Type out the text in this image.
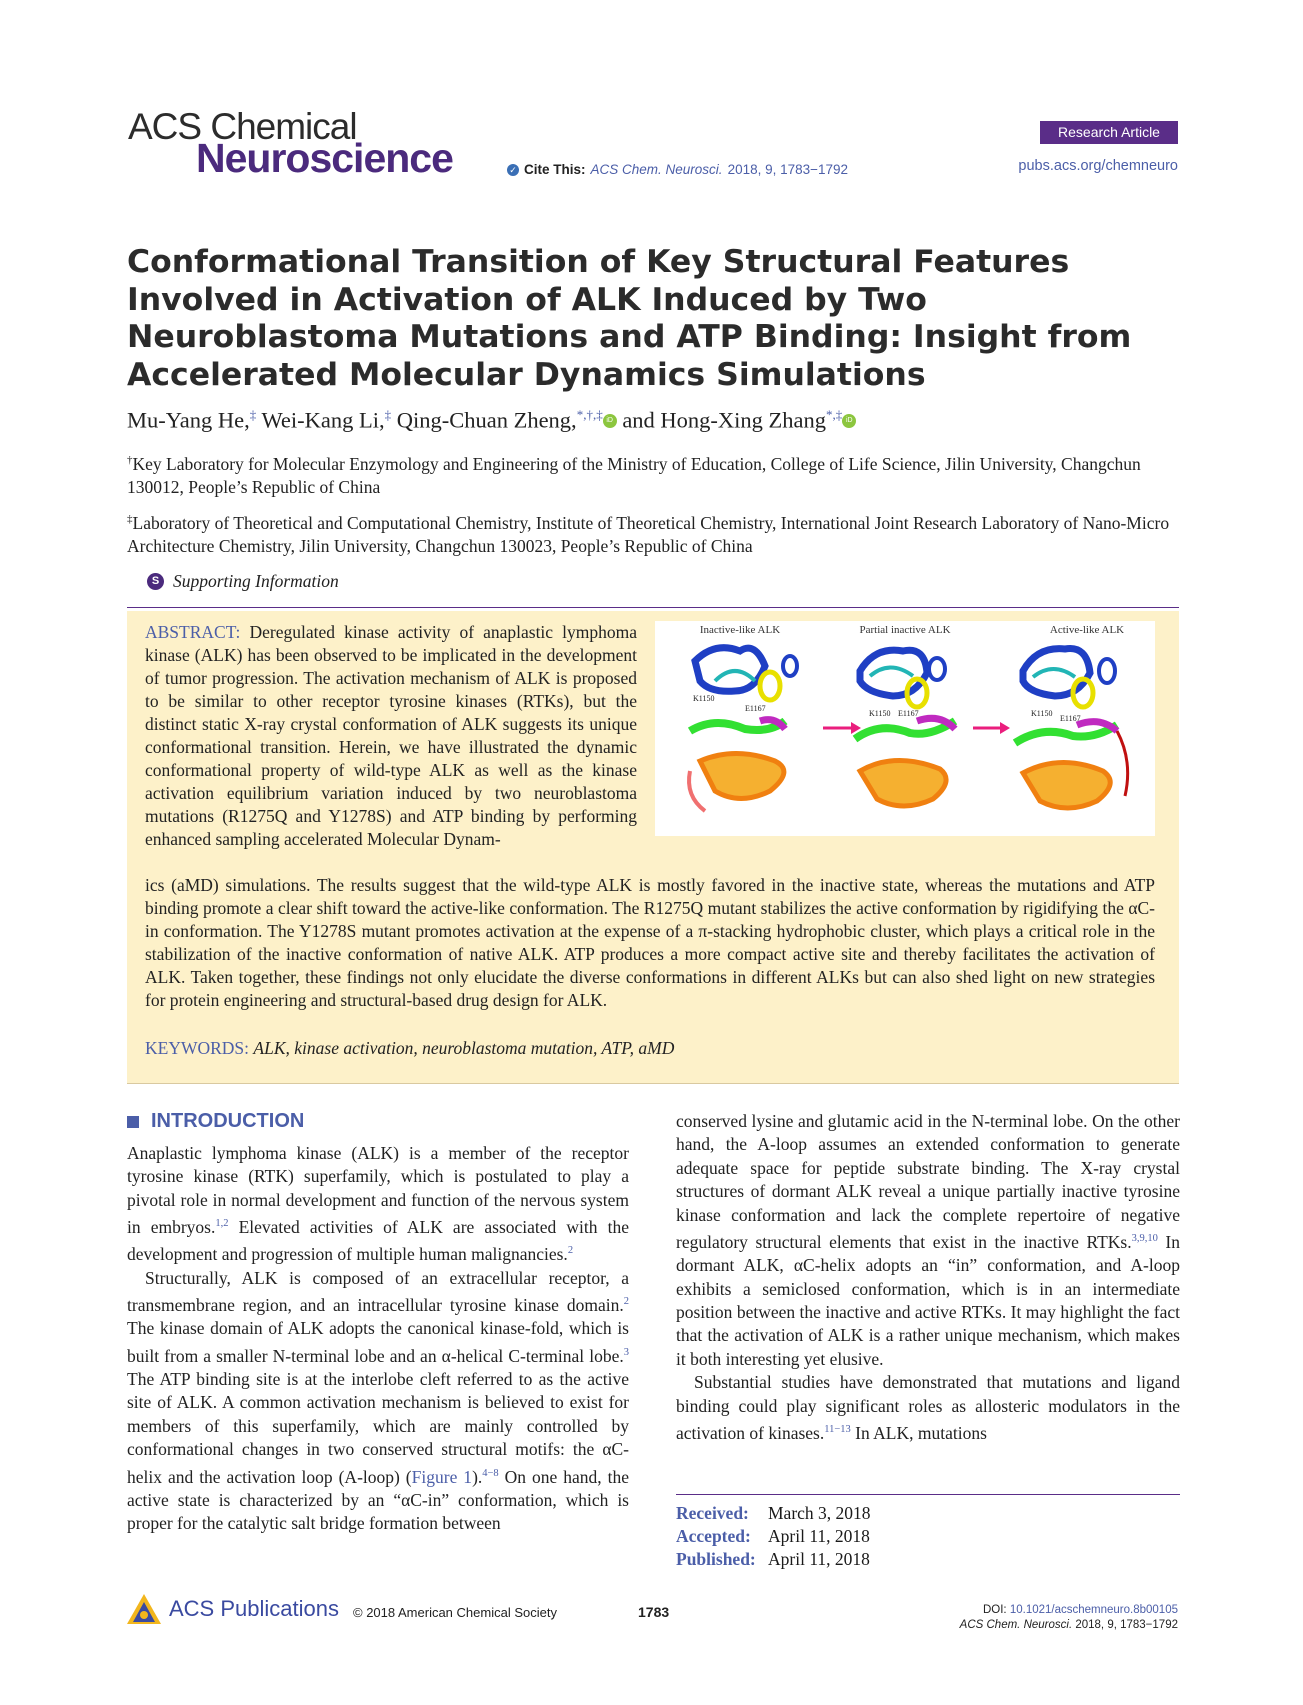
ACS Chemical
Neuroscience	✓ Cite This: ACS Chem. Neurosci. 2018, 9, 1783−1792
Research Article
pubs.acs.org/chemneuro
Conformational Transition of Key Structural Features Involved in Activation of ALK Induced by Two Neuroblastoma Mutations and ATP Binding: Insight from Accelerated Molecular Dynamics Simulations
Mu-Yang He,‡ Wei-Kang Li,‡ Qing-Chuan Zheng,*,†,‡ iD and Hong-Xing Zhang*,‡ iD
†Key Laboratory for Molecular Enzymology and Engineering of the Ministry of Education, College of Life Science, Jilin University, Changchun 130012, People’s Republic of China
‡Laboratory of Theoretical and Computational Chemistry, Institute of Theoretical Chemistry, International Joint Research Laboratory of Nano-Micro Architecture Chemistry, Jilin University, Changchun 130023, People’s Republic of China
S Supporting Information
ABSTRACT: Deregulated kinase activity of anaplastic lymphoma kinase (ALK) has been observed to be implicated in the development of tumor progression. The activation mechanism of ALK is proposed to be similar to other receptor tyrosine kinases (RTKs), but the distinct static X-ray crystal conformation of ALK suggests its unique conformational transition. Herein, we have illustrated the dynamic conformational property of wild-type ALK as well as the kinase activation equilibrium variation induced by two neuroblastoma mutations (R1275Q and Y1278S) and ATP binding by performing enhanced sampling accelerated Molecular Dynam-
ics (aMD) simulations. The results suggest that the wild-type ALK is mostly favored in the inactive state, whereas the mutations and ATP binding promote a clear shift toward the active-like conformation. The R1275Q mutant stabilizes the active conformation by rigidifying the αC-in conformation. The Y1278S mutant promotes activation at the expense of a π-stacking hydrophobic cluster, which plays a critical role in the stabilization of the inactive conformation of native ALK. ATP produces a more compact active site and thereby facilitates the activation of ALK. Taken together, these findings not only elucidate the diverse conformations in different ALKs but can also shed light on new strategies for protein engineering and structural-based drug design for ALK.
KEYWORDS: ALK, kinase activation, neuroblastoma mutation, ATP, aMD
Inactive-like ALK	Partial inactive ALK	Active-like ALK
K1150
E1167
K1150 E1167	K1150
E1167
INTRODUCTION

Anaplastic lymphoma kinase (ALK) is a member of the receptor tyrosine kinase (RTK) superfamily, which is postulated to play a pivotal role in normal development and function of the nervous system in embryos.$^{1,2}$ Elevated activities of ALK are associated with the development and progression of multiple human malignancies.$^2$

Structurally, ALK is composed of an extracellular receptor, a transmembrane region, and an intracellular tyrosine kinase domain.$^2$ The kinase domain of ALK adopts the canonical kinase-fold, which is built from a smaller N-terminal lobe and an α-helical C-terminal lobe.$^3$ The ATP binding site is at the interlobe cleft referred to as the active site of ALK. A common activation mechanism is believed to exist for members of this superfamily, which are mainly controlled by conformational changes in two conserved structural motifs: the αC-helix and the activation loop (A-loop) (Figure 1).$^{4-8}$ On one hand, the active state is characterized by an “αC-in” conformation, which is proper for the catalytic salt bridge formation between

conserved lysine and glutamic acid in the N-terminal lobe. On the other hand, the A-loop assumes an extended conformation to generate adequate space for peptide substrate binding. The X-ray crystal structures of dormant ALK reveal a unique partially inactive tyrosine kinase conformation and lack the complete repertoire of negative regulatory structural elements that exist in the inactive RTKs.$^{3,9,10}$ In dormant ALK, αC-helix adopts an “in” conformation, and A-loop exhibits a semiclosed conformation, which is in an intermediate position between the inactive and active RTKs. It may highlight the fact that the activation of ALK is a rather unique mechanism, which makes it both interesting yet elusive.

Substantial studies have demonstrated that mutations and ligand binding could play significant roles as allosteric modulators in the activation of kinases.$^{11-13}$ In ALK, mutations

Received:	March 3, 2018
Accepted:	April 11, 2018
Published:	April 11, 2018
ACS Publications © 2018 American Chemical Society	1783	DOI: 10.1021/acschemneuro.8b00105
ACS Chem. Neurosci. 2018, 9, 1783−1792
